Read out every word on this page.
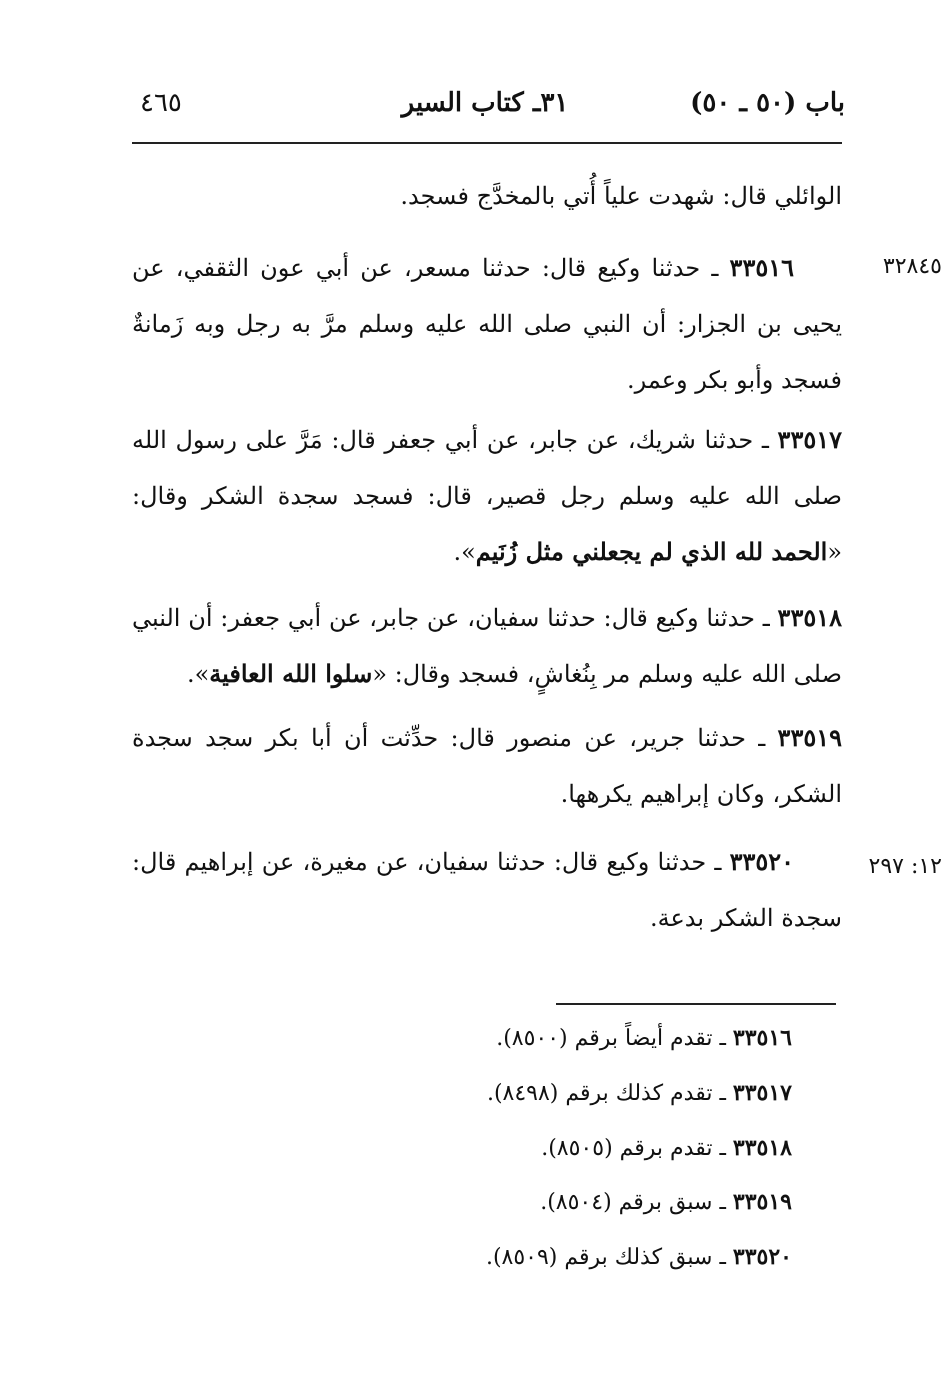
باب (٥٠ ـ ٥٠)
٣١ـ كتاب السير
٤٦٥
الوائلي قال: شهدت علياً أُتي بالمخدَّج فسجد.
٣٢٨٤٥
٣٣٥١٦ ـ حدثنا وكيع قال: حدثنا مسعر، عن أبي عون الثقفي، عن يحيى بن الجزار: أن النبي صلى الله عليه وسلم مرَّ به رجل وبه زَمانةٌ فسجد وأبو بكر وعمر.
٣٣٥١٧ ـ حدثنا شريك، عن جابر، عن أبي جعفر قال: مَرَّ على رسول الله صلى الله عليه وسلم رجل قصير، قال: فسجد سجدة الشكر وقال: «الحمد لله الذي لم يجعلني مثل زُنَيم».
٣٣٥١٨ ـ حدثنا وكيع قال: حدثنا سفيان، عن جابر، عن أبي جعفر: أن النبي صلى الله عليه وسلم مر بِنُغاشٍ، فسجد وقال: «سلوا الله العافية».
٣٣٥١٩ ـ حدثنا جرير، عن منصور قال: حدِّثت أن أبا بكر سجد سجدة الشكر، وكان إبراهيم يكرهها.
١٢: ٢٩٧
٣٣٥٢٠ ـ حدثنا وكيع قال: حدثنا سفيان، عن مغيرة، عن إبراهيم قال: سجدة الشكر بدعة.
٣٣٥١٦ ـ تقدم أيضاً برقم (٨٥٠٠).
٣٣٥١٧ ـ تقدم كذلك برقم (٨٤٩٨).
٣٣٥١٨ ـ تقدم برقم (٨٥٠٥).
٣٣٥١٩ ـ سبق برقم (٨٥٠٤).
٣٣٥٢٠ ـ سبق كذلك برقم (٨٥٠٩).
